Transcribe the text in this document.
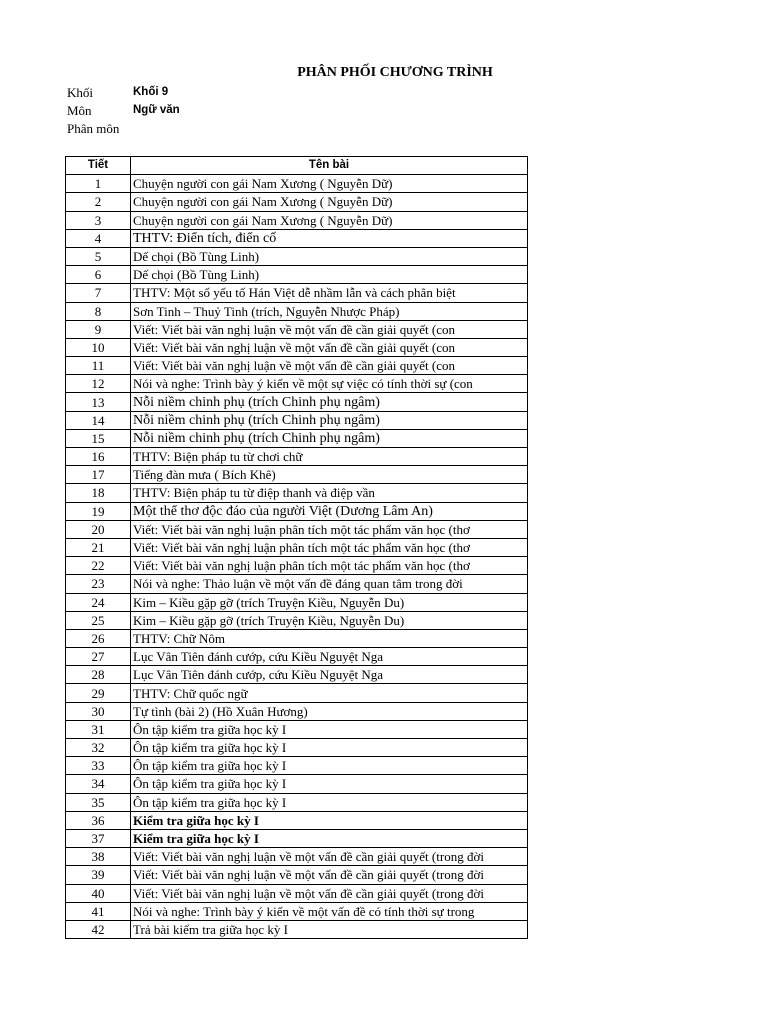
PHÂN PHỐI CHƯƠNG TRÌNH
Khối	Khối 9
Môn	Ngữ văn
Phân môn
Tiết	Tên bài
1	Chuyện người con gái Nam Xương ( Nguyễn Dữ)
2	Chuyện người con gái Nam Xương ( Nguyễn Dữ)
3	Chuyện người con gái Nam Xương ( Nguyễn Dữ)
4	THTV: Điển tích, điển cố
5	Dế chọi (Bồ Tùng Linh)
6	Dế chọi (Bồ Tùng Linh)
7	THTV: Một số yếu tố Hán Việt dễ nhầm lẫn và cách phân biệt
8	Sơn Tinh – Thuỷ Tinh (trích, Nguyễn Nhược Pháp)
9	Viết: Viết bài văn nghị luận về một vấn đề cần giải quyết (con
10	Viết: Viết bài văn nghị luận về một vấn đề cần giải quyết (con
11	Viết: Viết bài văn nghị luận về một vấn đề cần giải quyết (con
12	Nói và nghe: Trình bày ý kiến về một sự việc có tính thời sự (con
13	Nỗi niềm chinh phụ (trích Chinh phụ ngâm)
14	Nỗi niềm chinh phụ (trích Chinh phụ ngâm)
15	Nỗi niềm chinh phụ (trích Chinh phụ ngâm)
16	THTV: Biện pháp tu từ chơi chữ
17	Tiếng đàn mưa ( Bích Khê)
18	THTV: Biện pháp tu từ điệp thanh và điệp vần
19	Một thể thơ độc đáo của người Việt (Dương Lâm An)
20	Viết: Viết bài văn nghị luận phân tích một tác phẩm văn học (thơ
21	Viết: Viết bài văn nghị luận phân tích một tác phẩm văn học (thơ
22	Viết: Viết bài văn nghị luận phân tích một tác phẩm văn học (thơ
23	Nói và nghe: Thảo luận về một vấn đề đáng quan tâm trong đời
24	Kim – Kiều gặp gỡ (trích Truyện Kiều, Nguyễn Du)
25	Kim – Kiều gặp gỡ (trích Truyện Kiều, Nguyễn Du)
26	THTV: Chữ Nôm
27	Lục Vân Tiên đánh cướp, cứu Kiều Nguyệt Nga
28	Lục Vân Tiên đánh cướp, cứu Kiều Nguyệt Nga
29	THTV: Chữ quốc ngữ
30	Tự tình (bài 2) (Hồ Xuân Hương)
31	Ôn tập kiểm tra giữa học kỳ I
32	Ôn tập kiểm tra giữa học kỳ I
33	Ôn tập kiểm tra giữa học kỳ I
34	Ôn tập kiểm tra giữa học kỳ I
35	Ôn tập kiểm tra giữa học kỳ I
36	Kiểm tra giữa học kỳ I
37	Kiểm tra giữa học kỳ I
38	Viết: Viết bài văn nghị luận về một vấn đề cần giải quyết (trong đời
39	Viết: Viết bài văn nghị luận về một vấn đề cần giải quyết (trong đời
40	Viết: Viết bài văn nghị luận về một vấn đề cần giải quyết (trong đời
41	Nói và nghe: Trình bày ý kiến về một vấn đề có tính thời sự trong
42	Trả bài kiểm tra giữa học kỳ I
